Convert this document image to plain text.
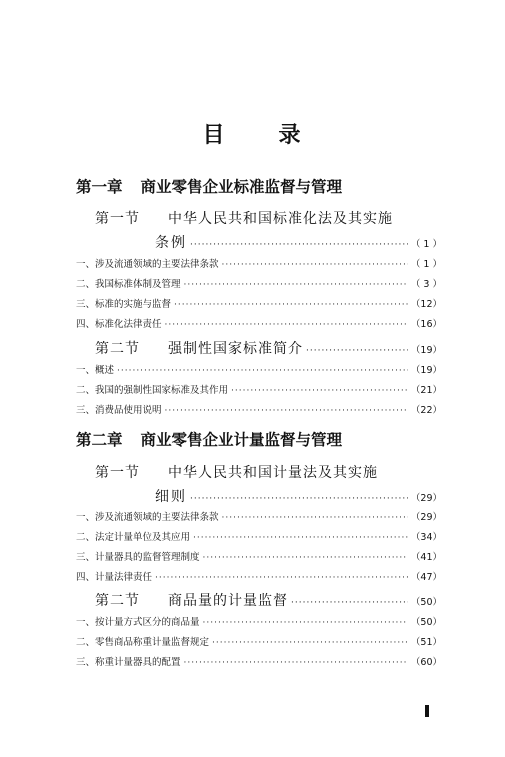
目 录
第一章 商业零售企业标准监督与管理
第一节 中华人民共和国标准化法及其实施
条例 ·····	（ 1 ）
一、涉及流通领域的主要法律条款 ·····	（ 1 ）
二、我国标准体制及管理 ·····	（ 3 ）
三、标准的实施与监督 ·····	（12）
四、标准化法律责任 ·····	（16）
第二节 强制性国家标准简介 ·····	（19）
一、概述 ·····	（19）
二、我国的强制性国家标准及其作用 ·····	（21）
三、消费品使用说明 ·····	（22）
第二章 商业零售企业计量监督与管理
第一节 中华人民共和国计量法及其实施
细则 ·····	（29）
一、涉及流通领域的主要法律条款 ·····	（29）
二、法定计量单位及其应用 ·····	（34）
三、计量器具的监督管理制度 ·····	（41）
四、计量法律责任 ·····	（47）
第二节 商品量的计量监督 ·····	（50）
一、按计量方式区分的商品量 ·····	（50）
二、零售商品称重计量监督规定 ·····	（51）
三、称重计量器具的配置 ·····	（60）
